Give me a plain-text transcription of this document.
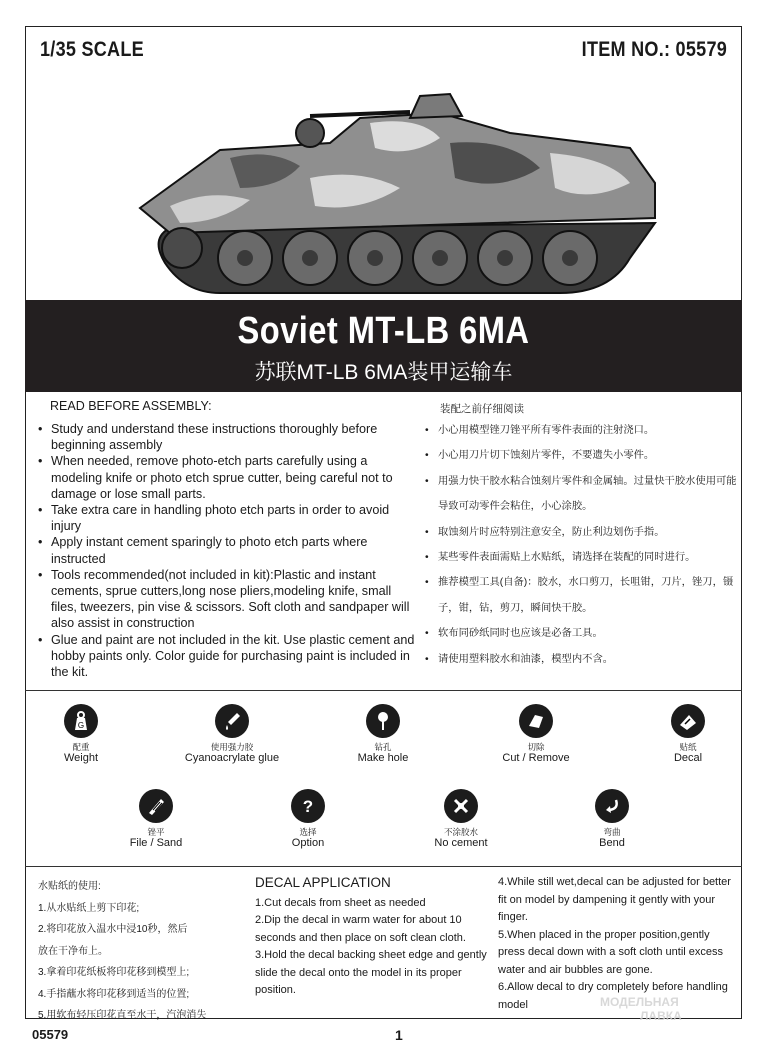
1/35 SCALE	ITEM NO.: 05579
Soviet MT-LB 6MA
苏联MT-LB 6MA装甲运输车
READ BEFORE ASSEMBLY:
• Study and understand these instructions thoroughly before beginning assembly
• When needed, remove photo-etch parts carefully using a modeling knife or photo etch sprue cutter, being careful not to damage or lose small parts.
• Take extra care in handling photo etch parts in order to avoid injury
• Apply instant cement sparingly to photo etch parts where instructed
• Tools recommended(not included in kit):Plastic and instant cements, sprue cutters,long nose pliers,modeling knife, small files, tweezers, pin vise & scissors. Soft cloth and sandpaper will also assist in construction
• Glue and paint are not included in the kit. Use plastic cement and hobby paints only. Color guide for purchasing paint is included in the kit.
装配之前仔细阅读
• 小心用模型锉刀锉平所有零件表面的注射浇口。
• 小心用刀片切下蚀刻片零件，不要遗失小零件。
• 用强力快干胶水粘合蚀刻片零件和金属轴。过量快干胶水使用可能导致可动零件会粘住，小心涂胶。
• 取蚀刻片时应特别注意安全，防止利边划伤手指。
• 某些零件表面需贴上水贴纸，请选择在装配的同时进行。
• 推荐模型工具(自备)：胶水，水口剪刀，长咀钳，刀片，锉刀，镊子，钳，钻，剪刀，瞬间快干胶。
• 软布同砂纸同时也应该是必备工具。
• 请使用塑料胶水和油漆，模型内不含。
G
配重
Weight
使用强力胶
Cyanoacrylate glue
钻孔
Make hole
切除
Cut / Remove
贴纸
Decal
锉平
File / Sand
?
选择
Option
不涂胶水
No cement
弯曲
Bend
水贴纸的使用:
1.从水贴纸上剪下印花;
2.将印花放入温水中浸10秒，然后
放在干净布上。
3.拿着印花纸板将印花移到模型上;
4.手指蘸水将印花移到适当的位置;
5.用软布轻压印花直至水干，汽泡消失
DECAL APPLICATION
1.Cut decals from sheet as needed
2.Dip the decal in warm water for about 10 seconds and then place on soft clean cloth.
3.Hold the decal backing sheet edge and gently slide the decal onto the model in its proper position.
4.While still wet,decal can be adjusted for better fit on model by dampening it gently with your finger.
5.When placed in the proper position,gently press decal down with a soft cloth until excess water and air bubbles are gone.
6.Allow decal to dry completely before handling model	МОДЕЛЬНАЯ
ЛАВКА
05579	1
